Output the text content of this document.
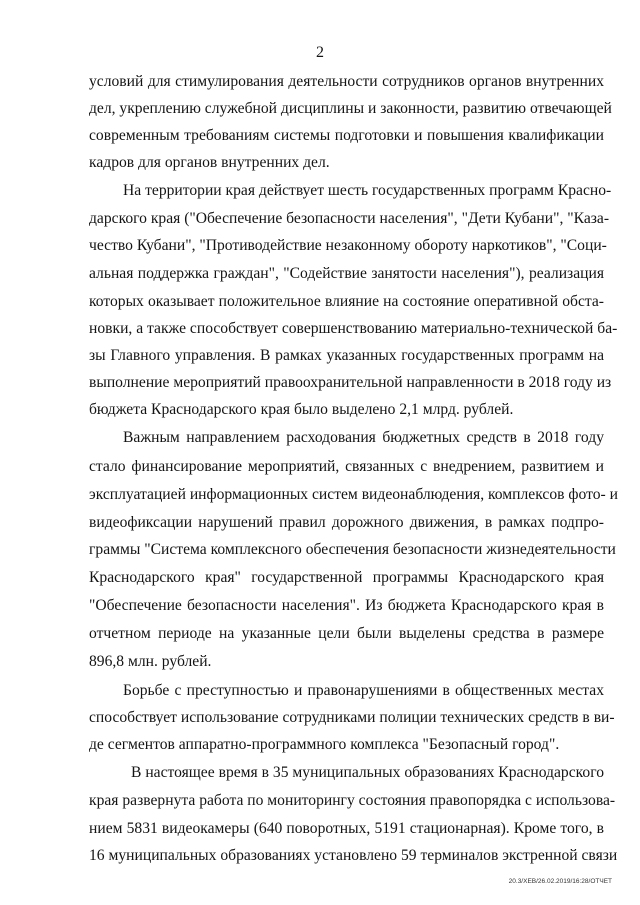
2
условий для стимулирования деятельности сотрудников органов внутренних
дел, укреплению служебной дисциплины и законности, развитию отвечающей
современным требованиям системы подготовки и повышения квалификации
кадров для органов внутренних дел.
На территории края действует шесть государственных программ Красно-
дарского края ("Обеспечение безопасности населения", "Дети Кубани", "Каза-
чество Кубани", "Противодействие незаконному обороту наркотиков", "Соци-
альная поддержка граждан", "Содействие занятости населения"), реализация
которых оказывает положительное влияние на состояние оперативной обста-
новки, а также способствует совершенствованию материально-технической ба-
зы Главного управления. В рамках указанных государственных программ на
выполнение мероприятий правоохранительной направленности в 2018 году из
бюджета Краснодарского края было выделено 2,1 млрд. рублей.
Важным направлением расходования бюджетных средств в 2018 году
стало финансирование мероприятий, связанных с внедрением, развитием и
эксплуатацией информационных систем видеонаблюдения, комплексов фото- и
видеофиксации нарушений правил дорожного движения, в рамках подпро-
граммы "Система комплексного обеспечения безопасности жизнедеятельности
Краснодарского края" государственной программы Краснодарского края
"Обеспечение безопасности населения". Из бюджета Краснодарского края в
отчетном периоде на указанные цели были выделены средства в размере
896,8 млн. рублей.
Борьбе с преступностью и правонарушениями в общественных местах
способствует использование сотрудниками полиции технических средств в ви-
де сегментов аппаратно-программного комплекса "Безопасный город".
В настоящее время в 35 муниципальных образованиях Краснодарского
края развернута работа по мониторингу состояния правопорядка с использова-
нием 5831 видеокамеры (640 поворотных, 5191 стационарная). Кроме того, в
16 муниципальных образованиях установлено 59 терминалов экстренной связи
20.3/ХЕВ/26.02.2019/16:28/ОТЧЕТ
